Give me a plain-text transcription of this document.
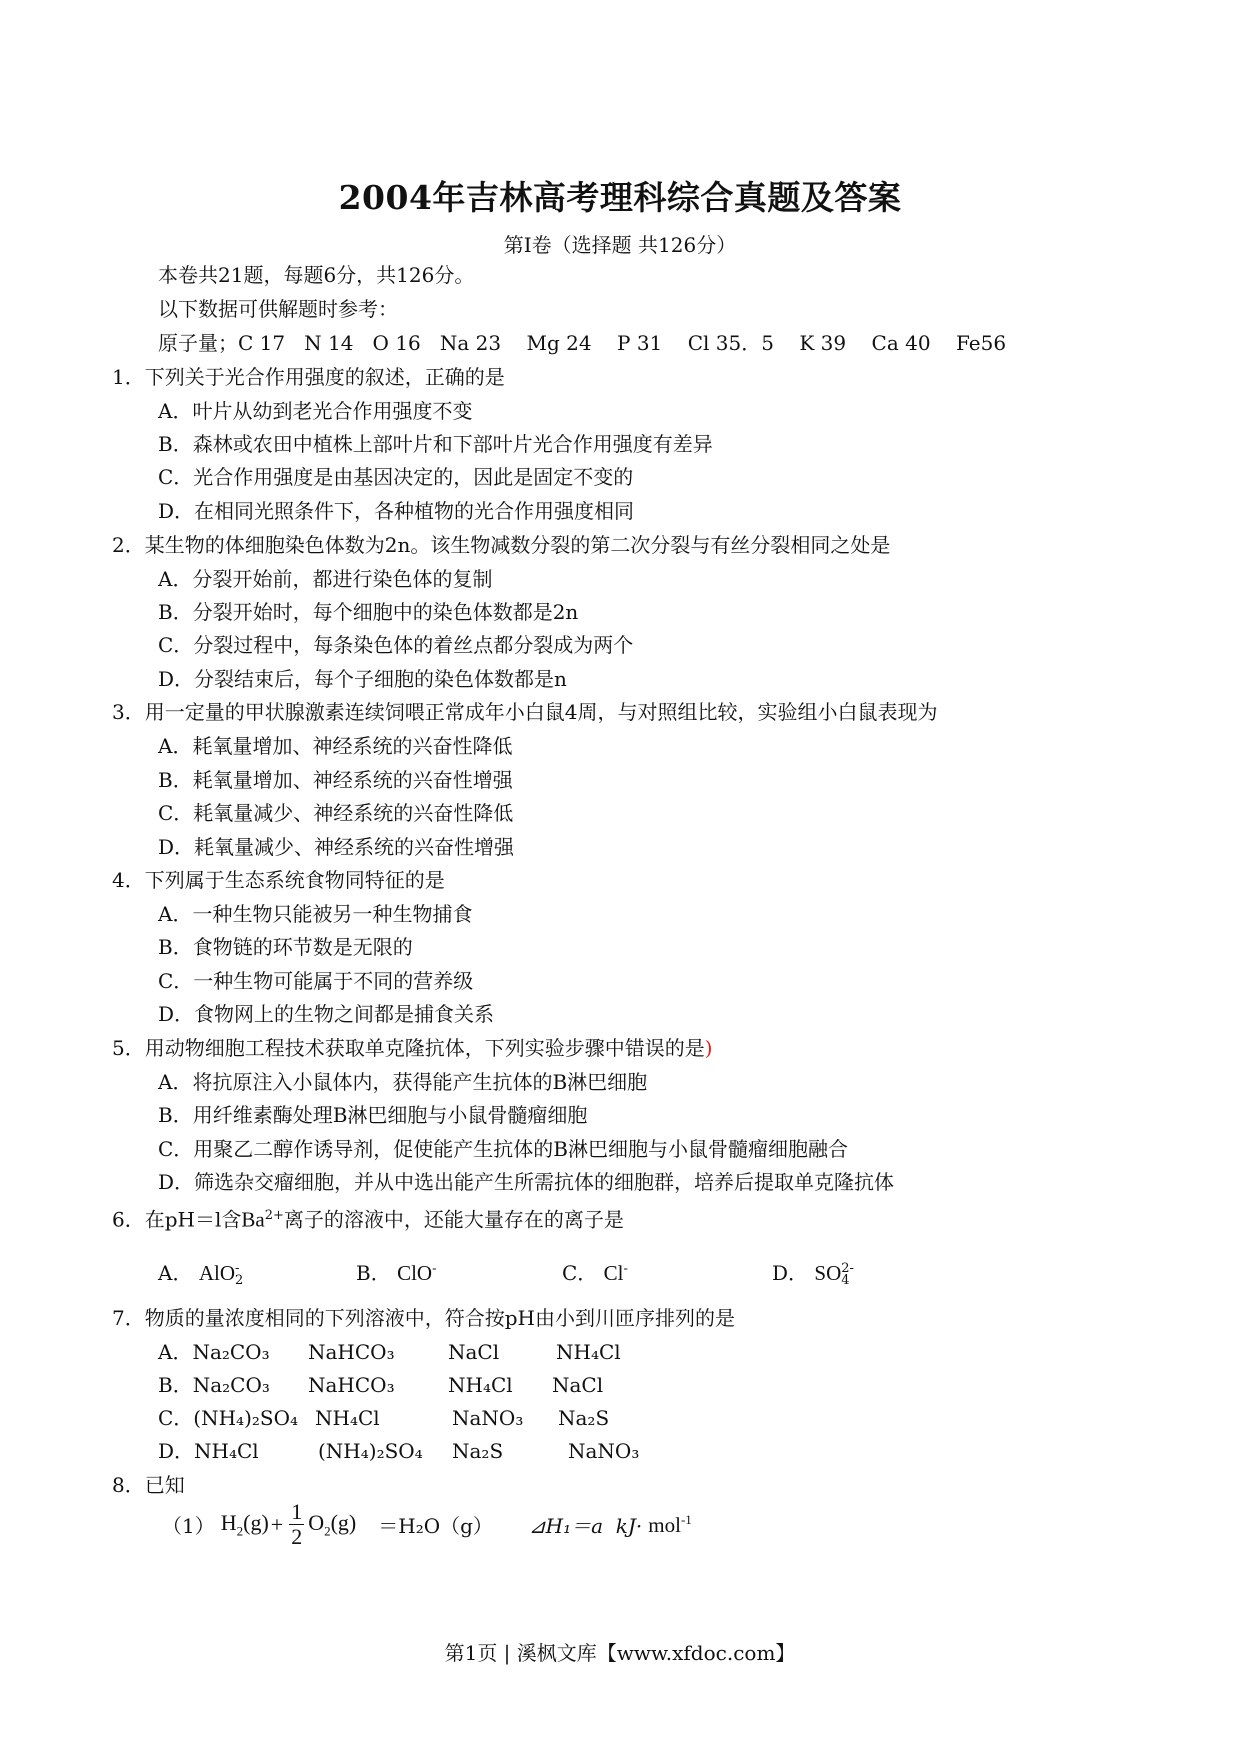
2004年吉林高考理科综合真题及答案
第Ⅰ卷（选择题 共126分）
本卷共21题，每题6分，共126分。
以下数据可供解题时参考：
原子量；C 17   N 14   O 16   Na 23    Mg 24    P 31    Cl 35．5    K 39    Ca 40    Fe56
1．下列关于光合作用强度的叙述，正确的是
A．叶片从幼到老光合作用强度不变
B．森林或农田中植株上部叶片和下部叶片光合作用强度有差异
C．光合作用强度是由基因决定的，因此是固定不变的
D．在相同光照条件下，各种植物的光合作用强度相同
2．某生物的体细胞染色体数为2n。该生物减数分裂的第二次分裂与有丝分裂相同之处是
A．分裂开始前，都进行染色体的复制
B．分裂开始时，每个细胞中的染色体数都是2n
C．分裂过程中，每条染色体的着丝点都分裂成为两个
D．分裂结束后，每个子细胞的染色体数都是n
3．用一定量的甲状腺激素连续饲喂正常成年小白鼠4周，与对照组比较，实验组小白鼠表现为
A．耗氧量增加、神经系统的兴奋性降低
B．耗氧量增加、神经系统的兴奋性增强
C．耗氧量减少、神经系统的兴奋性降低
D．耗氧量减少、神经系统的兴奋性增强
4．下列属于生态系统食物同特征的是
A．一种生物只能被另一种生物捕食
B．食物链的环节数是无限的
C．一种生物可能属于不同的营养级
D．食物网上的生物之间都是捕食关系
5．用动物细胞工程技术获取单克隆抗体，下列实验步骤中错误的是)
A．将抗原注入小鼠体内，获得能产生抗体的B淋巴细胞
B．用纤维素酶处理B淋巴细胞与小鼠骨髓瘤细胞
C．用聚乙二醇作诱导剂，促使能产生抗体的B淋巴细胞与小鼠骨髓瘤细胞融合
D．筛选杂交瘤细胞，并从中选出能产生所需抗体的细胞群，培养后提取单克隆抗体
6．在pH＝l含$Ba^{2+}$离子的溶液中，还能大量存在的离子是
A． AlO -
2	B． ClO-	C． Cl-	D． SO 2-
4
7．物质的量浓度相同的下列溶液中，符合按pH由小到川匝序排列的是
A．Na₂CO₃ NaHCO₃	NaCl	NH₄Cl
B．Na₂CO₃ NaHCO₃	NH₄Cl NaCl
C．(NH₄)₂SO₄ NH₄Cl	NaNO₃ Na₂S
D．NH₄Cl	(NH₄)₂SO₄ Na₂S	NaNO₃
8．已知
（1） $H_2(g) + \frac{1}{2} O_2(g) =H_2O(g)$ ⊿H₁＝a  kJ· mol$^{-1}$
第1页 | 溪枫文库【www.xfdoc.com】
